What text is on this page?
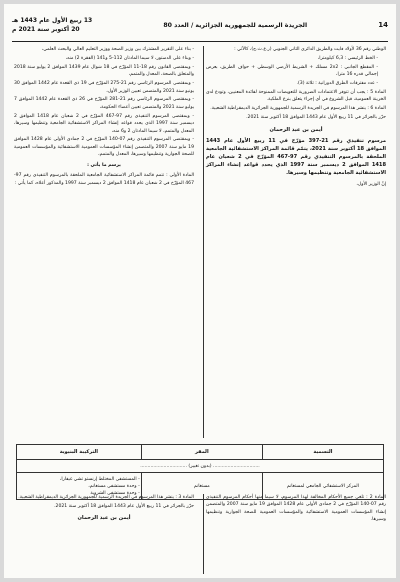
14
الجريدة الرسمية للجمهورية الجزائرية / العدد 80
13 ربيع الأول عام 1443 هـ
20 أكتوبر سنة 2021 م

الوطني رقم 36 لأولاد فايت والطريق الدائري الثاني الجنوبي (ر.ع.ث.ج)، كالآتي :

- الخط الرئيسي : 6,3 كيلومترا،

- المقطع الجانبي : 2x2 مسلك + الشريط الأرضي الوسطي + حواف الطريق، بعرض إجمالي قدره 16 مترا،

- عدد مفترقات الطرق الدورانية : ثلاثة (3).

المادة 5 : يجب أن تتوفر الاعتمادات الضرورية للتعويضات الممنوحة لفائدة المعنيين، وتودع لدى الخزينة العمومية، قبل الشروع في أي إجراء يتعلق بنزع الملكية.

المادة 6 : ينشر هذا المرسوم في الجريدة الرسمية للجمهورية الجزائرية الديمقراطية الشعبية.

حرّر بالجزائر في 11 ربيع الأول عام 1443 الموافق 18 أكتوبر سنة 2021.

أيمن بن عبد الرحمان
مرسوم تنفيذي رقم 21-397 مؤرّخ في 11 ربيع الأول عام 1443 الموافق 18 أكتوبر سنة 2021، يتمّم قائمة المراكز الاستشفائية الجامعية الملحقة بالمرسوم التنفيذي رقم 97-467 المؤرّخ في 2 شعبان عام 1418 الموافق 2 ديسمبر سنة 1997 الذي يحدد قواعد إنشاء المراكز الاستشفائية الجامعية وتنظيمها وسيرها.

إنّ الوزير الأول،

- بناء على التقرير المشترك بين وزير الصحة ووزير التعليم العالي والبحث العلمي،

- وبناء على الدستور، لا سيما المادتان 112-5 و141 (الفقرة 2) منه،

- وبمقتضى القانون رقم 18-11 المؤرّخ في 18 شوال عام 1439 الموافق 2 يوليو سنة 2018 والمتعلق بالصحة، المعدل والمتمم،

- وبمقتضى المرسوم الرئاسي رقم 21-275 المؤرّخ في 19 ذي القعدة عام 1442 الموافق 30 يونيو سنة 2021 والمتضمن تعيين الوزير الأول،

- وبمقتضى المرسوم الرئاسي رقم 21-281 المؤرّخ في 26 ذي القعدة عام 1442 الموافق 7 يوليو سنة 2021 والمتضمن تعيين أعضاء الحكومة،

- وبمقتضى المرسوم التنفيذي رقم 97-467 المؤرّخ في 2 شعبان عام 1418 الموافق 2 ديسمبر سنة 1997 الذي يحدد قواعد إنشاء المراكز الاستشفائية الجامعية وتنظيمها وسيرها، المعدل والمتمم، لا سيما المادتان 2 و6 منه،

- وبمقتضى المرسوم التنفيذي رقم 07-140 المؤرّخ في 2 جمادى الأولى عام 1428 الموافق 19 مايو سنة 2007 والمتضمن إنشاء المؤسسات العمومية الاستشفائية والمؤسسات العمومية للصحة الجوارية وتنظيمها وسيرها، المعدل والمتمم،

يرسم ما يأتي :

المادة الأولى : تتمم قائمة المراكز الاستشفائية الجامعية الملحقة بالمرسوم التنفيذي رقم 97-467 المؤرّخ في 2 شعبان عام 1418 الموافق 2 ديسمبر سنة 1997 والمذكور أعلاه، كما يأتي :

التسمية	المقر	التركيبة البنيوية
................................ (بدون تغيير) ................................		
المركز الاستشفائي الجامعي لمستغانم	مستغانم	- المستشفى المختلط إرنستو تشي غيفارا،
- وحدة مستشفى مستغانم،
- وحدة مستشفى الشروية

المادة 2 : تلغى جميع الأحكام المخالفة لهذا المرسوم، لا سيما منها أحكام المرسوم التنفيذي رقم 07-140 المؤرّخ في 2 جمادى الأولى عام 1428 الموافق 19 مايو سنة 2007 والمتضمن إنشاء المؤسسات العمومية الاستشفائية والمؤسسات العمومية للصحة الجوارية وتنظيمها وسيرها.

المادة 3 : ينشر هذا المرسوم في الجريدة الرسمية للجمهورية الجزائرية الديمقراطية الشعبية.

حرّر بالجزائر في 11 ربيع الأول عام 1443 الموافق 18 أكتوبر سنة 2021.

أيمن بن عبد الرحمان
